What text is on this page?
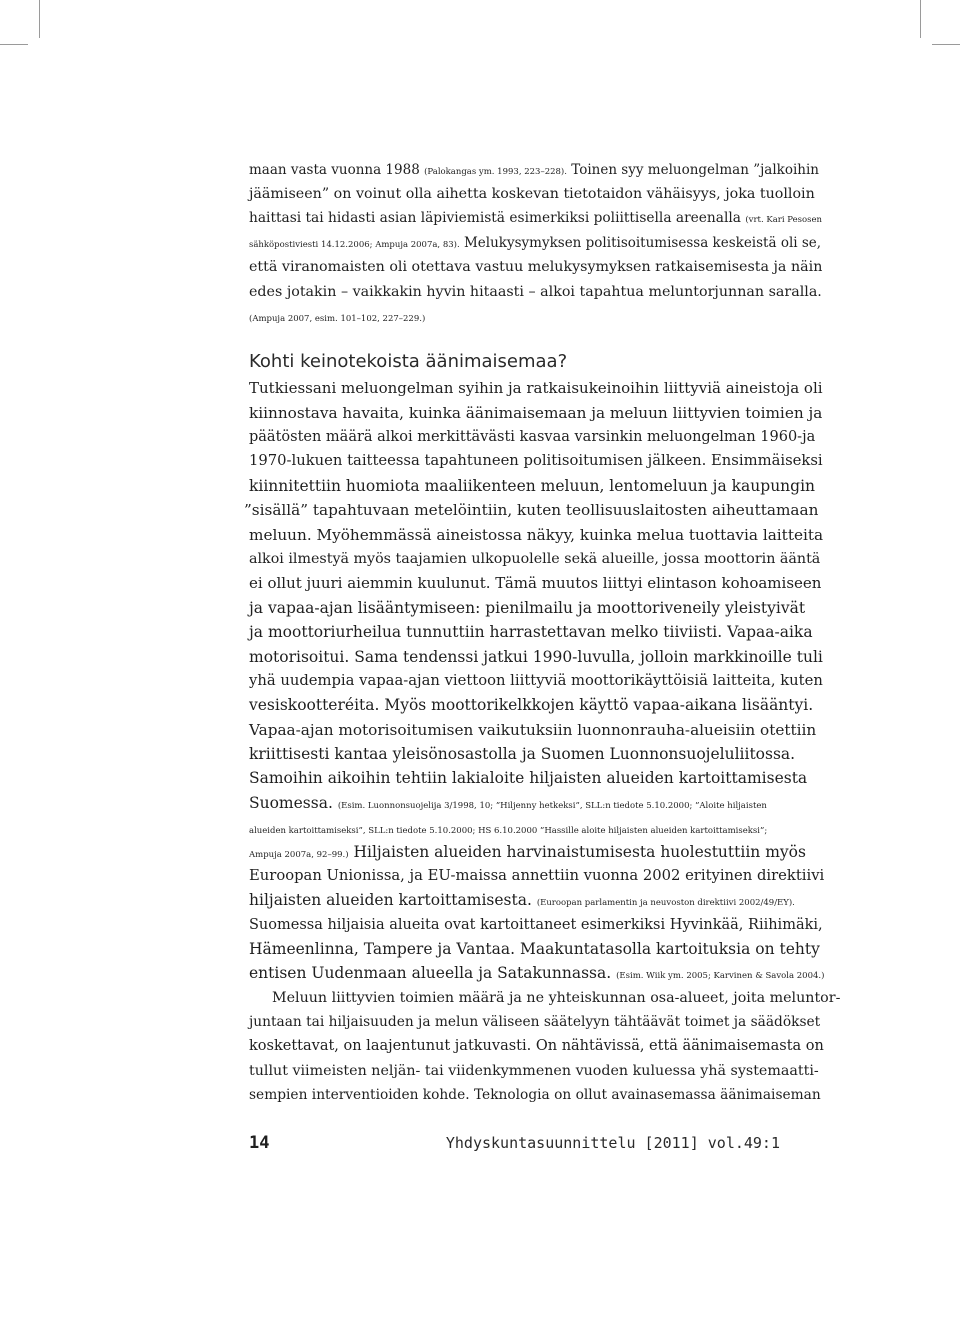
maan vasta vuonna 1988 (Palokangas ym. 1993, 223–228). Toinen syy meluongelman ”jalkoihin
jäämiseen” on voinut olla aihetta koskevan tietotaidon vähäisyys, joka tuolloin
haittasi tai hidasti asian läpiviemistä esimerkiksi poliittisella areenalla (vrt. Kari Pesosen
sähköpostiviesti 14.12.2006; Ampuja 2007a, 83). Melukysymyksen politisoitumisessa keskeistä oli se,
että viranomaisten oli otettava vastuu melukysymyksen ratkaisemisesta ja näin
edes jotakin – vaikkakin hyvin hitaasti – alkoi tapahtua meluntorjunnan saralla.
(Ampuja 2007, esim. 101–102, 227–229.)
Kohti keinotekoista äänimaisemaa?
Tutkiessani meluongelman syihin ja ratkaisukeinoihin liittyviä aineistoja oli
kiinnostava havaita, kuinka äänimaisemaan ja meluun liittyvien toimien ja
päätösten määrä alkoi merkittävästi kasvaa varsinkin meluongelman 1960-ja
1970-lukuen taitteessa tapahtuneen politisoitumisen jälkeen. Ensimmäiseksi
kiinnitettiin huomiota maaliikenteen meluun, lentomeluun ja kaupungin
”sisällä” tapahtuvaan metelöintiin, kuten teollisuuslaitosten aiheuttamaan
meluun. Myöhemmässä aineistossa näkyy, kuinka melua tuottavia laitteita
alkoi ilmestyä myös taajamien ulkopuolelle sekä alueille, jossa moottorin ääntä
ei ollut juuri aiemmin kuulunut. Tämä muutos liittyi elintason kohoamiseen
ja vapaa-ajan lisääntymiseen: pienilmailu ja moottoriveneily yleistyivät
ja moottoriurheilua tunnuttiin harrastettavan melko tiiviisti. Vapaa-aika
motorisoitui. Sama tendenssi jatkui 1990-luvulla, jolloin markkinoille tuli
yhä uudempia vapaa-ajan viettoon liittyviä moottorikäyttöisiä laitteita, kuten
vesiskootteréita. Myös moottorikelkkojen käyttö vapaa-aikana lisääntyi.
Vapaa-ajan motorisoitumisen vaikutuksiin luonnonrauha-alueisiin otettiin
kriittisesti kantaa yleisönosastolla ja Suomen Luonnonsuojeluliitossa.
Samoihin aikoihin tehtiin lakialoite hiljaisten alueiden kartoittamisesta
Suomessa. (Esim. Luonnonsuojelija 3/1998, 10; ”Hiljenny hetkeksi”, SLL:n tiedote 5.10.2000; ”Aloite hiljaisten
alueiden kartoittamiseksi”, SLL:n tiedote 5.10.2000; HS 6.10.2000 ”Hassille aloite hiljaisten alueiden kartoittamiseksi”;
Ampuja 2007a, 92–99.) Hiljaisten alueiden harvinaistumisesta huolestuttiin myös
Euroopan Unionissa, ja EU-maissa annettiin vuonna 2002 erityinen direktiivi
hiljaisten alueiden kartoittamisesta. (Euroopan parlamentin ja neuvoston direktiivi 2002/49/EY).
Suomessa hiljaisia alueita ovat kartoittaneet esimerkiksi Hyvinkää, Riihimäki,
Hämeenlinna, Tampere ja Vantaa. Maakuntatasolla kartoituksia on tehty
entisen Uudenmaan alueella ja Satakunnassa. (Esim. Wiik ym. 2005; Karvinen & Savola 2004.)
Meluun liittyvien toimien määrä ja ne yhteiskunnan osa-alueet, joita meluntor-
juntaan tai hiljaisuuden ja melun väliseen säätelyyn tähtäävät toimet ja säädökset
koskettavat, on laajentunut jatkuvasti. On nähtävissä, että äänimaisemasta on
tullut viimeisten neljän- tai viidenkymmenen vuoden kuluessa yhä systemaatti-
sempien interventioiden kohde. Teknologia on ollut avainasemassa äänimaiseman
14	Yhdyskuntasuunnittelu [2011] vol.49:1
